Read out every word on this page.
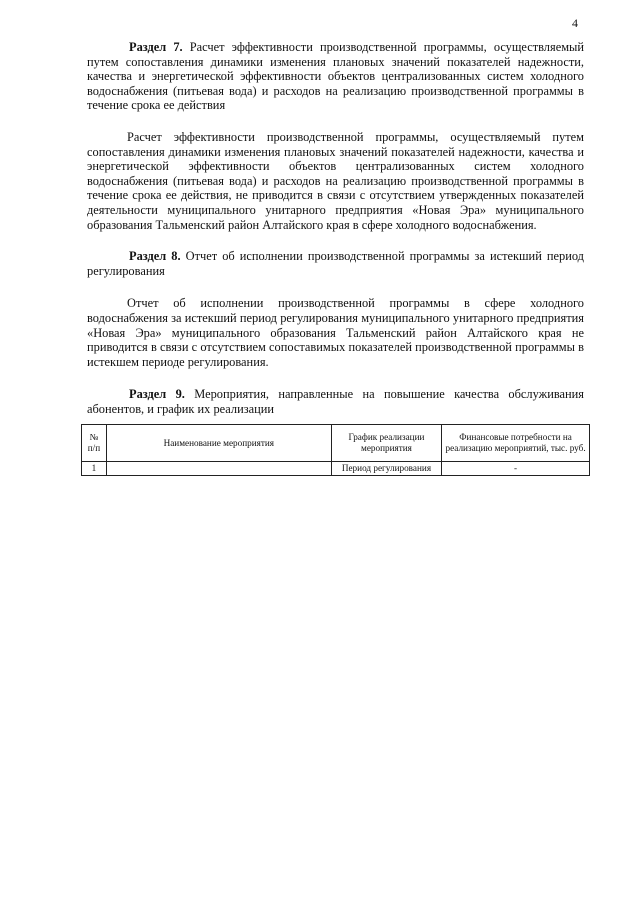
4

Раздел 7. Расчет эффективности производственной программы, осуществляемый путем сопоставления динамики изменения плановых значений показателей надежности, качества и энергетической эффективности объектов централизованных систем холодного водоснабжения (питьевая вода) и расходов на реализацию производственной программы в течение срока ее действия

Расчет эффективности производственной программы, осуществляемый путем сопоставления динамики изменения плановых значений показателей надежности, качества и энергетической эффективности объектов централизованных систем холодного водоснабжения (питьевая вода) и расходов на реализацию производственной программы в течение срока ее действия, не приводится в связи с отсутствием утвержденных показателей деятельности муниципального унитарного предприятия «Новая Эра» муниципального образования Тальменский район Алтайского края в сфере холодного водоснабжения.

Раздел 8. Отчет об исполнении производственной программы за истекший период регулирования

Отчет об исполнении производственной программы в сфере холодного водоснабжения за истекший период регулирования муниципального унитарного предприятия «Новая Эра» муниципального образования Тальменский район Алтайского края не приводится в связи с отсутствием сопоставимых показателей производственной программы в истекшем периоде регулирования.

Раздел 9. Мероприятия, направленные на повышение качества обслуживания абонентов, и график их реализации

№ п/п	Наименование мероприятия	График реализации мероприятия	Финансовые потребности на реализацию мероприятий, тыс. руб.
1		Период регулирования	-
